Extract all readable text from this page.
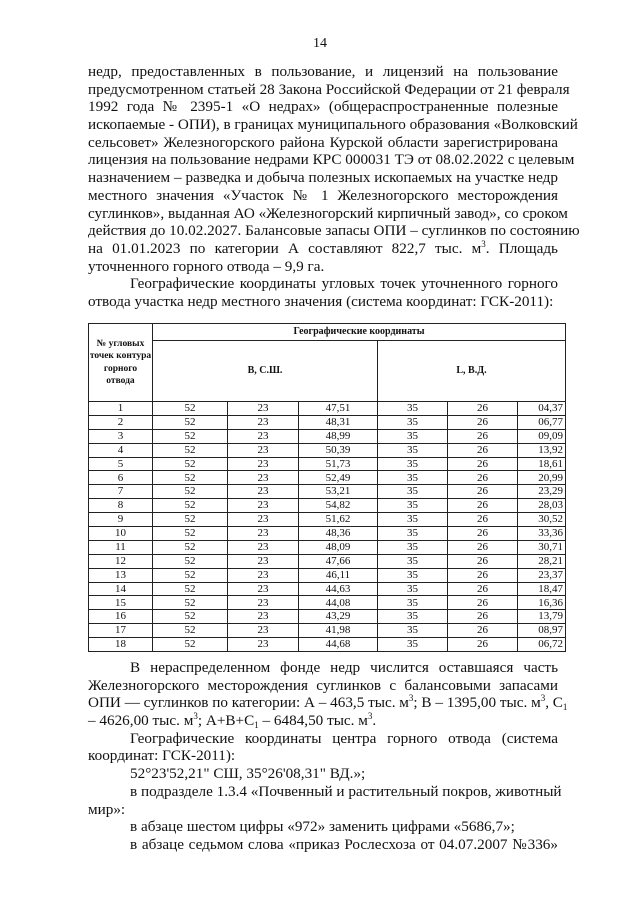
14
недр, предоставленных в пользование, и лицензий на пользование
предусмотренном статьей 28 Закона Российской Федерации от 21 февраля
1992 года № 2395-1 «О недрах» (общераспространенные полезные
ископаемые - ОПИ), в границах муниципального образования «Волковский
сельсовет» Железногорского района Курской области зарегистрирована
лицензия на пользование недрами КРС 000031 ТЭ от 08.02.2022 с целевым
назначением – разведка и добыча полезных ископаемых на участке недр
местного значения «Участок № 1 Железногорского месторождения
суглинков», выданная АО «Железногорский кирпичный завод», со сроком
действия до 10.02.2027. Балансовые запасы ОПИ – суглинков по состоянию
на 01.01.2023 по категории А составляют 822,7 тыс. $м^3$. Площадь
уточненного горного отвода – 9,9 га.
Географические координаты угловых точек уточненного горного
отвода участка недр местного значения (система координат: ГСК-2011):
№ угловых точек контура горного отвода	Географические координаты					
	B, С.Ш.			L, В.Д.		
1	52	23	47,51	35	26	04,37
2	52	23	48,31	35	26	06,77
3	52	23	48,99	35	26	09,09
4	52	23	50,39	35	26	13,92
5	52	23	51,73	35	26	18,61
6	52	23	52,49	35	26	20,99
7	52	23	53,21	35	26	23,29
8	52	23	54,82	35	26	28,03
9	52	23	51,62	35	26	30,52
10	52	23	48,36	35	26	33,36
11	52	23	48,09	35	26	30,71
12	52	23	47,66	35	26	28,21
13	52	23	46,11	35	26	23,37
14	52	23	44,63	35	26	18,47
15	52	23	44,08	35	26	16,36
16	52	23	43,29	35	26	13,79
17	52	23	41,98	35	26	08,97
18	52	23	44,68	35	26	06,72
В нераспределенном фонде недр числится оставшаяся часть
Железногорского месторождения суглинков с балансовыми запасами
ОПИ — суглинков по категории: А – 463,5 тыс. $м^3$; В – 1395,00 тыс. $м^3$, $С_1$
– 4626,00 тыс. $м^3$; $А+В+С_1 - 6484,50$ тыс. $м^3$.
Географические координаты центра горного отвода (система
координат: ГСК-2011):
52°23'52,21" СШ, 35°26'08,31" ВД.»;
в подразделе 1.3.4 «Почвенный и растительный покров, животный
мир»:
в абзаце шестом цифры «972» заменить цифрами «5686,7»;
в абзаце седьмом слова «приказ Рослесхоза от 04.07.2007 №336»
